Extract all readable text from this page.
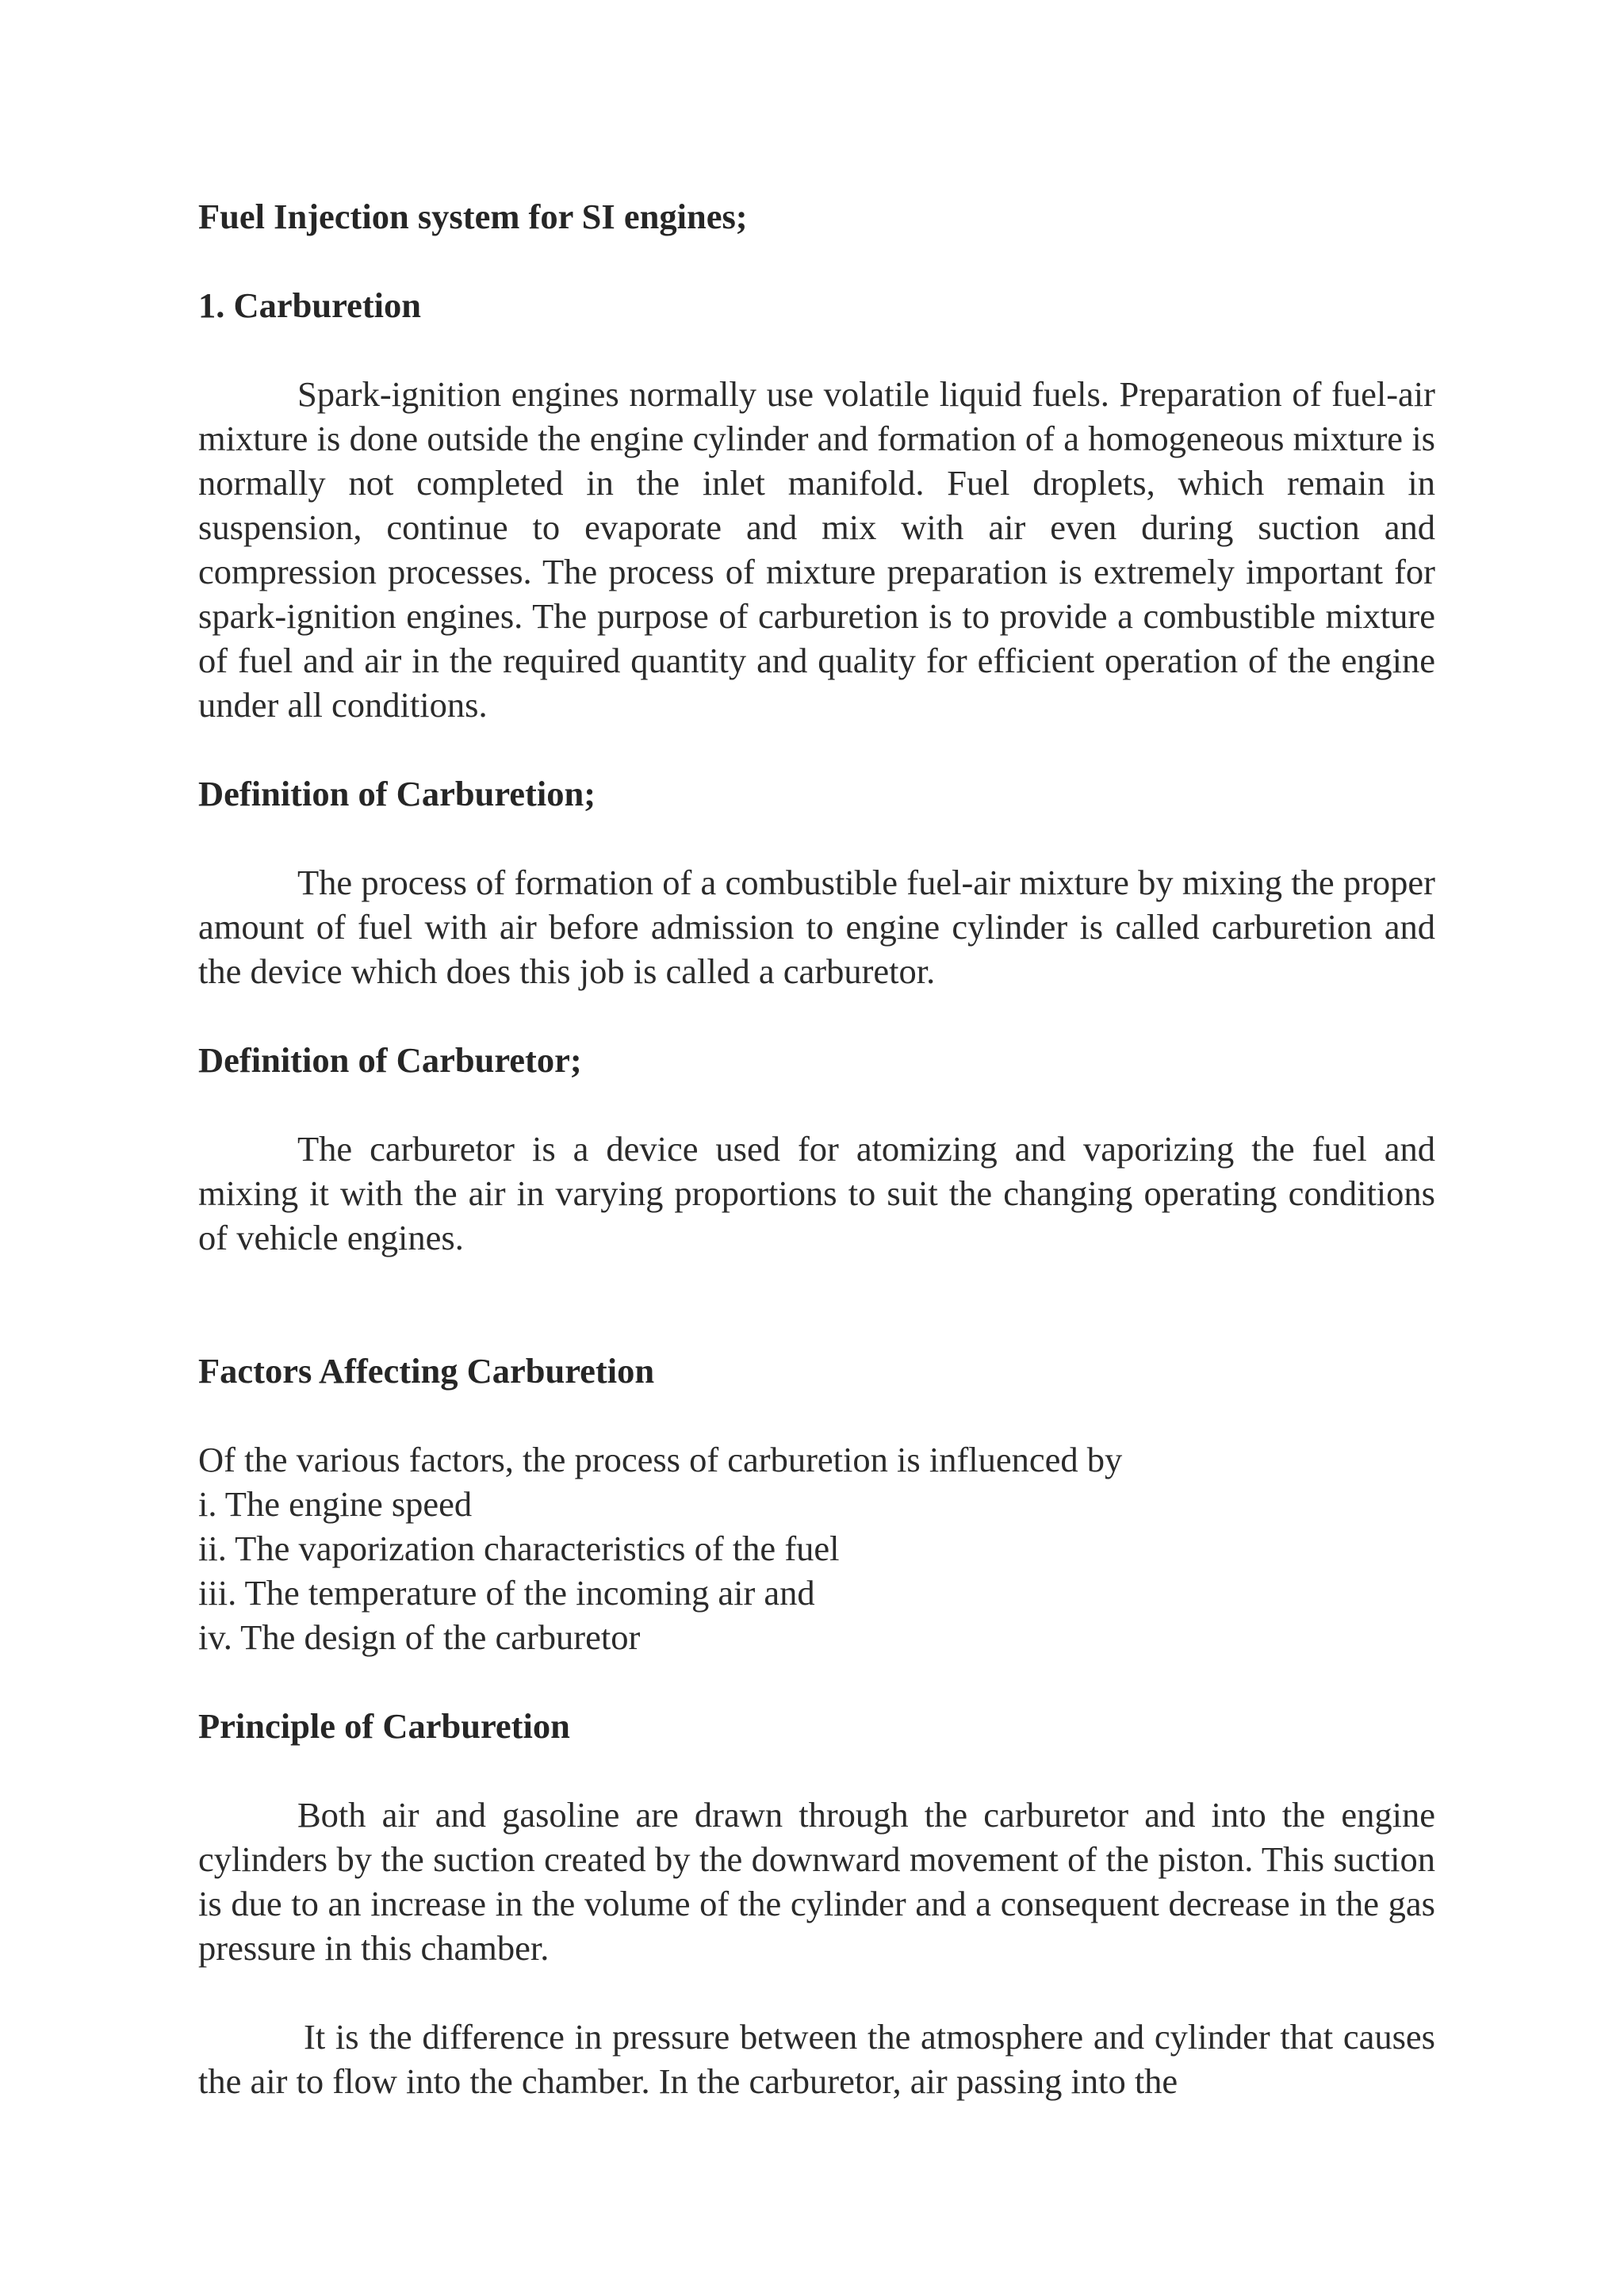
Fuel Injection system for SI engines;

1. Carburetion

Spark-ignition engines normally use volatile liquid fuels. Preparation of fuel-air mixture is done outside the engine cylinder and formation of a homogeneous mixture is normally not completed in the inlet manifold. Fuel droplets, which remain in suspension, continue to evaporate and mix with air even during suction and compression processes. The process of mixture preparation is extremely important for spark-ignition engines. The purpose of carburetion is to provide a combustible mixture of fuel and air in the required quantity and quality for efficient operation of the engine under all conditions.

Definition of Carburetion;

The process of formation of a combustible fuel-air mixture by mixing the proper amount of fuel with air before admission to engine cylinder is called carburetion and the device which does this job is called a carburetor.

Definition of Carburetor;

The carburetor is a device used for atomizing and vaporizing the fuel and mixing it with the air in varying proportions to suit the changing operating conditions of vehicle engines.

Factors Affecting Carburetion

Of the various factors, the process of carburetion is influenced by

i. The engine speed
ii. The vaporization characteristics of the fuel
iii. The temperature of the incoming air and
iv. The design of the carburetor

Principle of Carburetion

Both air and gasoline are drawn through the carburetor and into the engine cylinders by the suction created by the downward movement of the piston. This suction is due to an increase in the volume of the cylinder and a consequent decrease in the gas pressure in this chamber.

It is the difference in pressure between the atmosphere and cylinder that causes the air to flow into the chamber. In the carburetor, air passing into the
